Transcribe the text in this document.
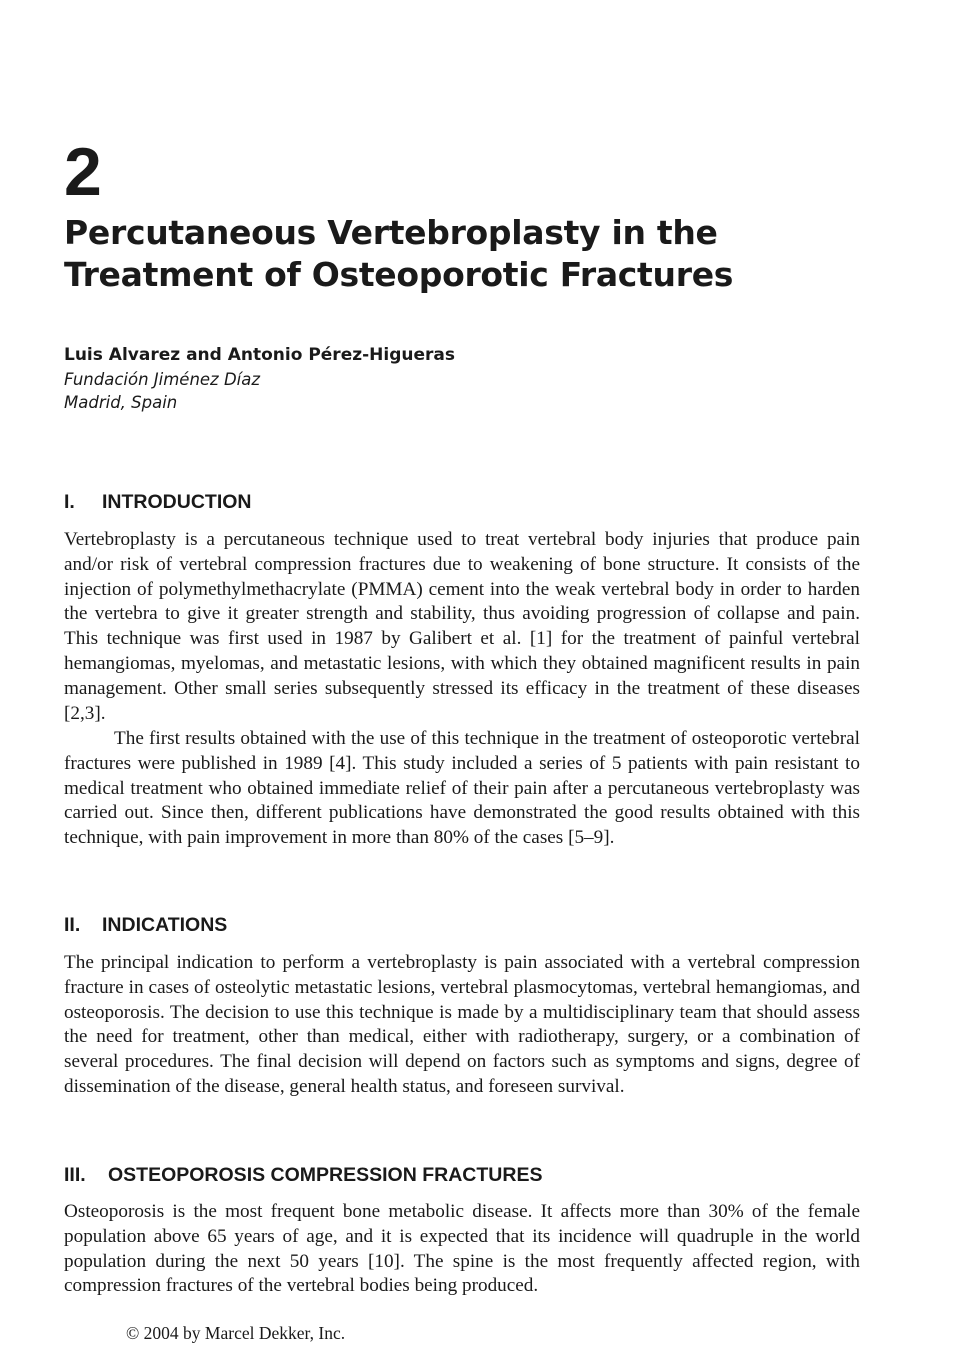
2
Percutaneous Vertebroplasty in the
Treatment of Osteoporotic Fractures

Luis Alvarez and Antonio Pérez-Higueras

Fundación Jiménez Díaz

Madrid, Spain

I. INTRODUCTION

Vertebroplasty is a percutaneous technique used to treat vertebral body injuries that produce pain and/or risk of vertebral compression fractures due to weakening of bone structure. It consists of the injection of polymethylmethacrylate (PMMA) cement into the weak vertebral body in order to harden the vertebra to give it greater strength and stability, thus avoiding progression of collapse and pain. This technique was first used in 1987 by Galibert et al. [1] for the treatment of painful vertebral hemangiomas, myelomas, and metastatic lesions, with which they obtained magnificent results in pain management. Other small series subsequently stressed its efficacy in the treatment of these diseases [2,3].

The first results obtained with the use of this technique in the treatment of osteoporotic vertebral fractures were published in 1989 [4]. This study included a series of 5 patients with pain resistant to medical treatment who obtained immediate relief of their pain after a percutaneous vertebroplasty was carried out. Since then, different publications have demonstrated the good results obtained with this technique, with pain improvement in more than 80% of the cases [5–9].

II. INDICATIONS

The principal indication to perform a vertebroplasty is pain associated with a vertebral compression fracture in cases of osteolytic metastatic lesions, vertebral plasmocytomas, vertebral hemangiomas, and osteoporosis. The decision to use this technique is made by a multidisciplinary team that should assess the need for treatment, other than medical, either with radiotherapy, surgery, or a combination of several procedures. The final decision will depend on factors such as symptoms and signs, degree of dissemination of the disease, general health status, and foreseen survival.

III. OSTEOPOROSIS COMPRESSION FRACTURES

Osteoporosis is the most frequent bone metabolic disease. It affects more than 30% of the female population above 65 years of age, and it is expected that its incidence will quadruple in the world population during the next 50 years [10]. The spine is the most frequently affected region, with compression fractures of the vertebral bodies being produced.

© 2004 by Marcel Dekker, Inc.
